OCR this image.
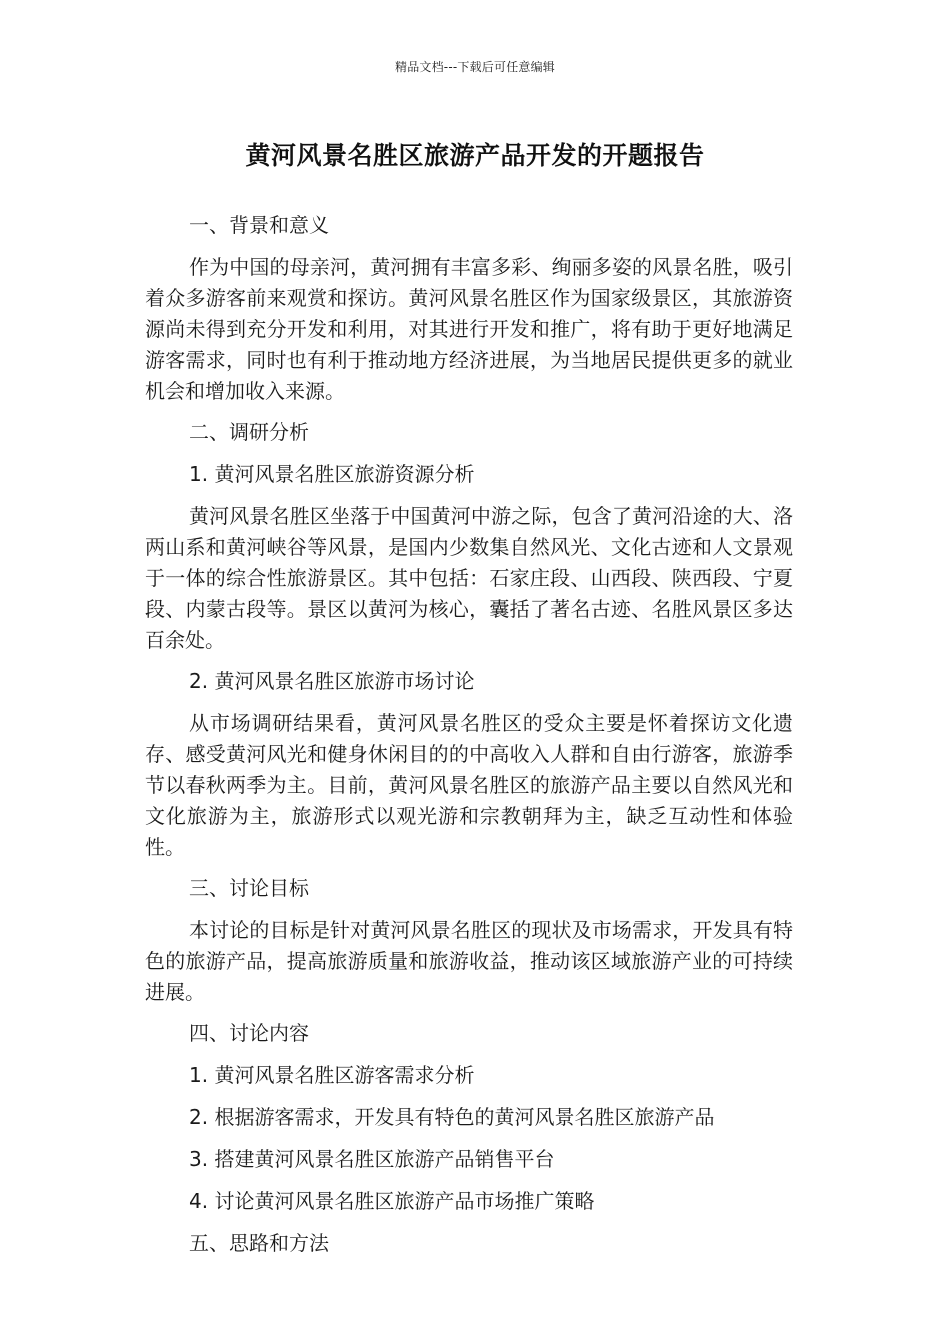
精品文档---下载后可任意编辑
黄河风景名胜区旅游产品开发的开题报告

一、背景和意义

作为中国的母亲河，黄河拥有丰富多彩、绚丽多姿的风景名胜，吸引着众多游客前来观赏和探访。黄河风景名胜区作为国家级景区，其旅游资源尚未得到充分开发和利用，对其进行开发和推广，将有助于更好地满足游客需求，同时也有利于推动地方经济进展，为当地居民提供更多的就业机会和增加收入来源。

二、调研分析

1. 黄河风景名胜区旅游资源分析

黄河风景名胜区坐落于中国黄河中游之际，包含了黄河沿途的大、洛两山系和黄河峡谷等风景，是国内少数集自然风光、文化古迹和人文景观于一体的综合性旅游景区。其中包括：石家庄段、山西段、陕西段、宁夏段、内蒙古段等。景区以黄河为核心，囊括了著名古迹、名胜风景区多达百余处。

2. 黄河风景名胜区旅游市场讨论

从市场调研结果看，黄河风景名胜区的受众主要是怀着探访文化遗存、感受黄河风光和健身休闲目的的中高收入人群和自由行游客，旅游季节以春秋两季为主。目前，黄河风景名胜区的旅游产品主要以自然风光和文化旅游为主，旅游形式以观光游和宗教朝拜为主，缺乏互动性和体验性。

三、讨论目标

本讨论的目标是针对黄河风景名胜区的现状及市场需求，开发具有特色的旅游产品，提高旅游质量和旅游收益，推动该区域旅游产业的可持续进展。

四、讨论内容

1. 黄河风景名胜区游客需求分析

2. 根据游客需求，开发具有特色的黄河风景名胜区旅游产品

3. 搭建黄河风景名胜区旅游产品销售平台

4. 讨论黄河风景名胜区旅游产品市场推广策略

五、思路和方法
